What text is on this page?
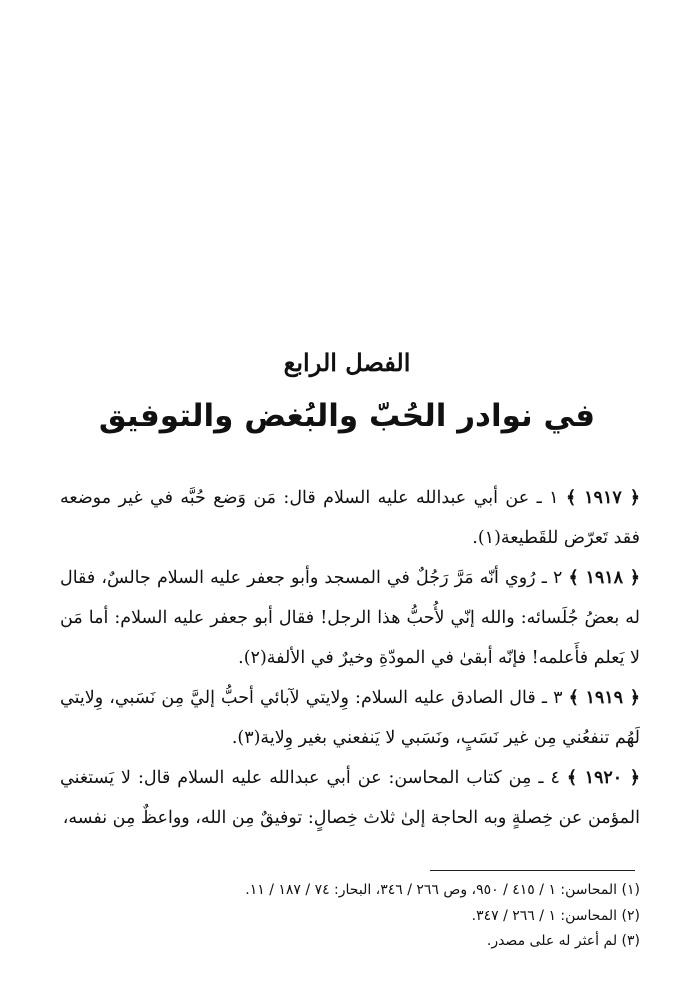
الفصل الرابع
في نوادر الحُبّ والبُغض والتوفيق

﴿ ١٩١٧ ﴾ ١ ـ عن أبي عبدالله عليه السلام قال: مَن وَضع حُبَّه في غير موضعه فقد تَعرّض للقَطيعة(١).

﴿ ١٩١٨ ﴾ ٢ ـ رُوي أنّه مَرَّ رَجُلٌ في المسجد وأبو جعفر عليه السلام جالسٌ، فقال له بعضُ جُلَسائه: والله إنّي لأُحبُّ هذا الرجل! فقال أبو جعفر عليه السلام: أما مَن لا يَعلم فأَعلمه! فإنّه أبقىٰ في المودّةِ وخيرٌ في الألفة(٢).

﴿ ١٩١٩ ﴾ ٣ ـ قال الصادق عليه السلام: وِلايتي لآبائي أحبُّ إليَّ مِن نَسَبي، وِلايتي لَهُم تنفعُني مِن غير نَسَبٍ، ونَسَبي لا يَنفعني بغير وِلاية(٣).

﴿ ١٩٢٠ ﴾ ٤ ـ مِن كتاب المحاسن: عن أبي عبدالله عليه السلام قال: لا يَستغني المؤمن عن خِصلةٍ وبه الحاجة إلىٰ ثلاث خِصالٍ: توفيقٌ مِن الله، وواعظٌ مِن نفسه،

(١) المحاسن: ١ / ٤١٥ / ٩٥٠، وص ٢٦٦ / ٣٤٦، البحار: ٧٤ / ١٨٧ / ١١.

(٢) المحاسن: ١ / ٢٦٦ / ٣٤٧.

(٣) لم أعثر له على مصدر.
